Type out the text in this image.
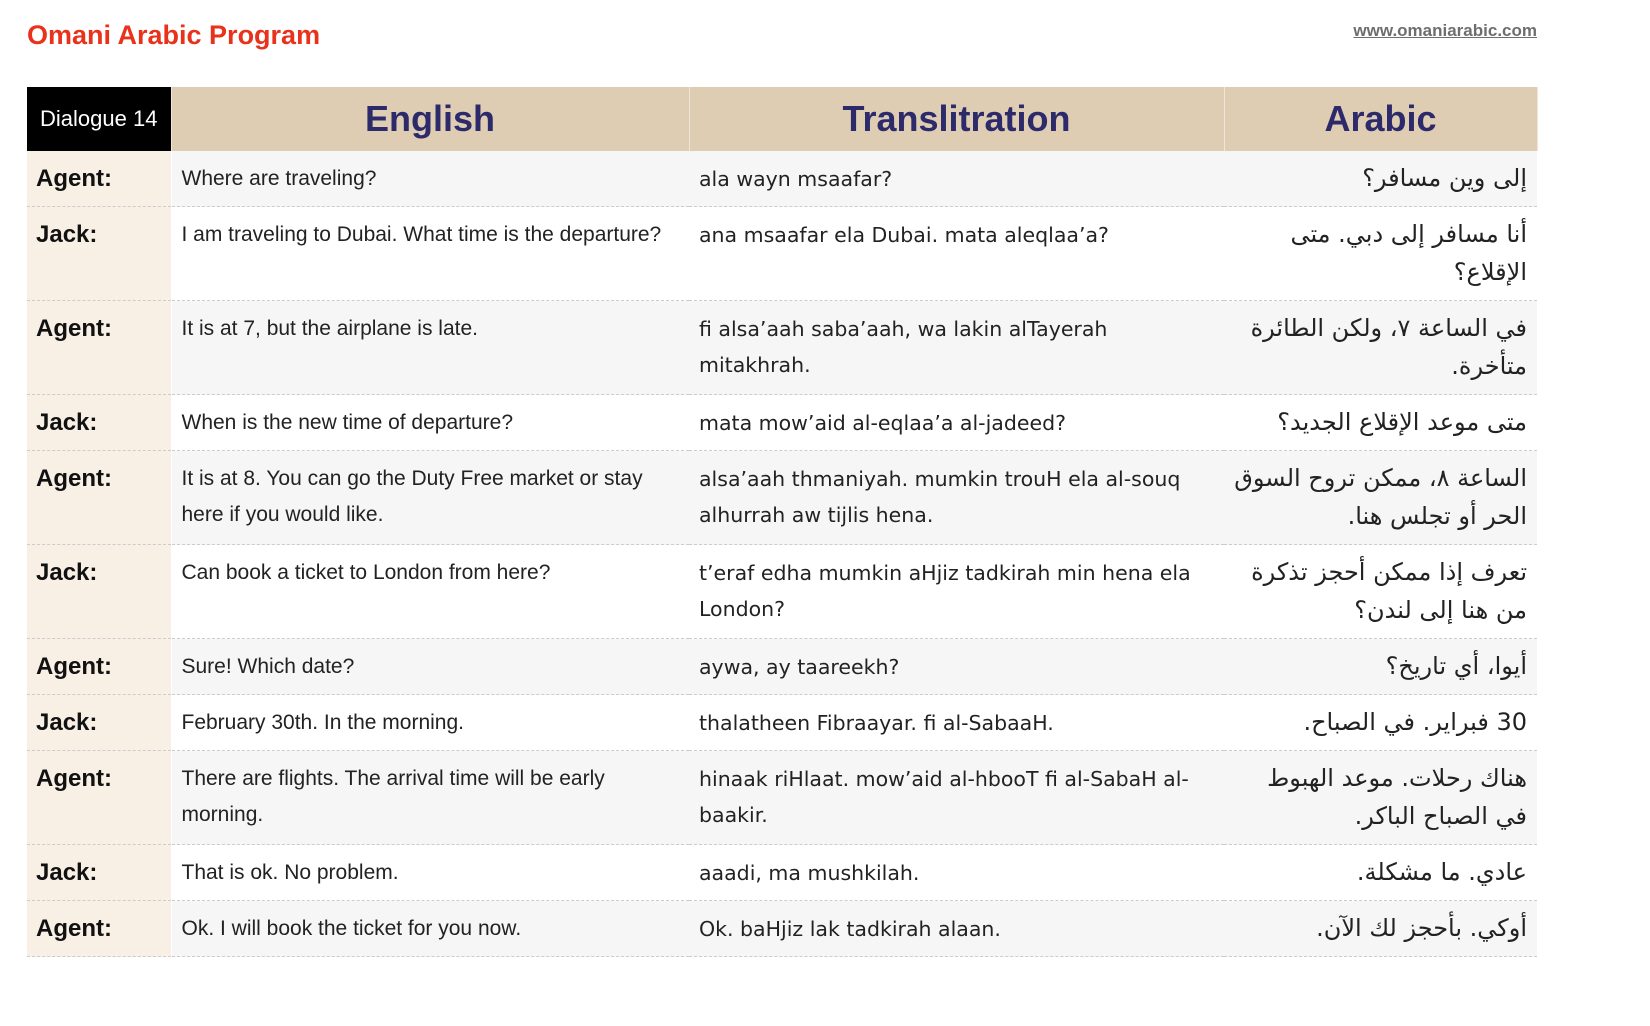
Omani Arabic Program	www.omaniarabic.com
Dialogue 14	English	Translitration	Arabic
Agent:	Where are traveling?	ala wayn msaafar?	إلى وين مسافر؟
Jack:	I am traveling to Dubai. What time is the departure?	ana msaafar ela Dubai. mata aleqlaa’a?	أنا مسافر إلى دبي. متى الإقلاع؟
Agent:	It is at 7, but the airplane is late.	fi alsa’aah saba’aah, wa lakin alTayerah mitakhrah.	في الساعة ٧، ولكن الطائرة متأخرة.
Jack:	When is the new time of departure?	mata mow’aid al-eqlaa’a al-jadeed?	متى موعد الإقلاع الجديد؟
Agent:	It is at 8. You can go the Duty Free market or stay here if you would like.	alsa’aah thmaniyah. mumkin trouH ela al-souq alhurrah aw tijlis hena.	الساعة ٨، ممكن تروح السوق الحر أو تجلس هنا.
Jack:	Can book a ticket to London from here?	t’eraf edha mumkin aHjiz tadkirah min hena ela London?	تعرف إذا ممكن أحجز تذكرة من هنا إلى لندن؟
Agent:	Sure! Which date?	aywa, ay taareekh?	أيوا، أي تاريخ؟
Jack:	February 30th. In the morning.	thalatheen Fibraayar. fi al-SabaaH.	30 فبراير. في الصباح.
Agent:	There are flights. The arrival time will be early morning.	hinaak riHlaat. mow’aid al-hbooT fi al-SabaH al-baakir.	هناك رحلات. موعد الهبوط في الصباح الباكر.
Jack:	That is ok. No problem.	aaadi, ma mushkilah.	عادي. ما مشكلة.
Agent:	Ok. I will book the ticket for you now.	Ok. baHjiz lak tadkirah alaan.	أوكي. بأحجز لك الآن.
